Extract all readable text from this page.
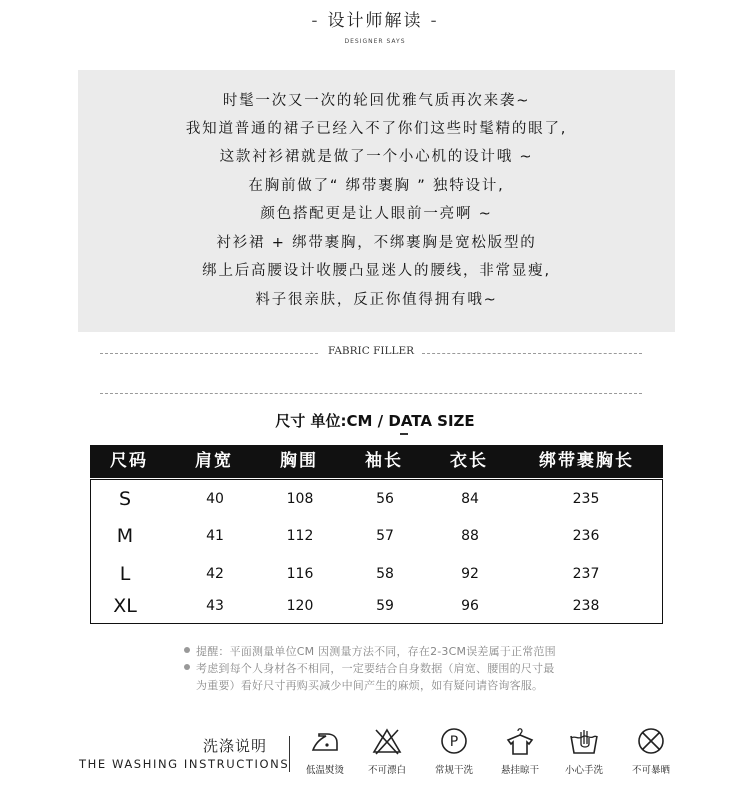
- 设计师解读 -
DESIGNER SAYS
时髦一次又一次的轮回优雅气质再次来袭~
我知道普通的裙子已经入不了你们这些时髦精的眼了,
这款衬衫裙就是做了一个小心机的设计哦 ~
在胸前做了“ 绑带裹胸 ” 独特设计,
颜色搭配更是让人眼前一亮啊 ~
衬衫裙 + 绑带裹胸，不绑裹胸是宽松版型的
绑上后高腰设计收腰凸显迷人的腰线，非常显瘦,
料子很亲肤，反正你值得拥有哦~
FABRIC FILLER
尺寸 单位:CM / DATA SIZE
尺码	肩宽	胸围	袖长	衣长	绑带裹胸长
S	40	108	56	84	235
M	41	112	57	88	236
L	42	116	58	92	237
XL	43	120	59	96	238
提醒：平面测量单位CM 因测量方法不同，存在2-3CM误差属于正常范围
考虑到每个人身材各不相同，一定要结合自身数据（肩宽、腰围的尺寸最
为重要）看好尺寸再购买减少中间产生的麻烦，如有疑问请咨询客服。
洗涤说明
THE WASHING INSTRUCTIONS	低温熨烫	不可漂白
P
常规干洗	悬挂晾干	小心手洗	不可暴晒
